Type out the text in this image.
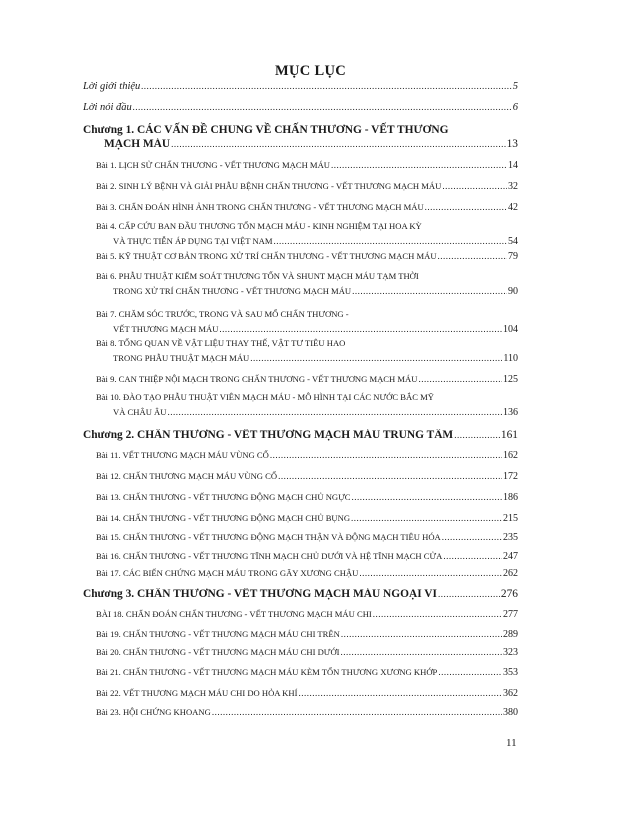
MỤC LỤC
Lời giới thiệu .....	5
Lời nói đầu .....	6
Chương 1. CÁC VẤN ĐỀ CHUNG VỀ CHẤN THƯƠNG - VẾT THƯƠNG
MẠCH MÁU .....	13
Bài 1. LỊCH SỬ CHẤN THƯƠNG - VẾT THƯƠNG MẠCH MÁU .....	14
Bài 2. SINH LÝ BỆNH VÀ GIẢI PHẪU BỆNH CHẤN THƯƠNG - VẾT THƯƠNG MẠCH MÁU .....	32
Bài 3. CHẨN ĐOÁN HÌNH ẢNH TRONG CHẤN THƯƠNG - VẾT THƯƠNG MẠCH MÁU .....	42
Bài 4. CẤP CỨU BAN ĐẦU THƯƠNG TỔN MẠCH MÁU - KINH NGHIỆM TẠI HOA KỲ
VÀ THỰC TIỄN ÁP DỤNG TẠI VIỆT NAM .....	54
Bài 5. KỸ THUẬT CƠ BẢN TRONG XỬ TRÍ CHẤN THƯƠNG - VẾT THƯƠNG MẠCH MÁU .....	79
Bài 6. PHẪU THUẬT KIỂM SOÁT THƯƠNG TỔN VÀ SHUNT MẠCH MÁU TẠM THỜI
TRONG XỬ TRÍ CHẤN THƯƠNG - VẾT THƯƠNG MẠCH MÁU .....	90
Bài 7. CHĂM SÓC TRƯỚC, TRONG VÀ SAU MỔ CHẤN THƯƠNG -
VẾT THƯƠNG MẠCH MÁU .....	104
Bài 8. TỔNG QUAN VỀ VẬT LIỆU THAY THẾ, VẬT TƯ TIÊU HAO
TRONG PHẪU THUẬT MẠCH MÁU .....	110
Bài 9. CAN THIỆP NỘI MẠCH TRONG CHẤN THƯƠNG - VẾT THƯƠNG MẠCH MÁU .....	125
Bài 10. ĐÀO TẠO PHẪU THUẬT VIÊN MẠCH MÁU - MÔ HÌNH TẠI CÁC NƯỚC BẮC MỸ
VÀ CHÂU ÂU .....	136
Chương 2. CHẤN THƯƠNG - VẾT THƯƠNG MẠCH MÁU TRUNG TÂM .....	161
Bài 11. VẾT THƯƠNG MẠCH MÁU VÙNG CỔ .....	162
Bài 12. CHẤN THƯƠNG MẠCH MÁU VÙNG CỔ .....	172
Bài 13. CHẤN THƯƠNG - VẾT THƯƠNG ĐỘNG MẠCH CHỦ NGỰC .....	186
Bài 14. CHẤN THƯƠNG - VẾT THƯƠNG ĐỘNG MẠCH CHỦ BỤNG .....	215
Bài 15. CHẤN THƯƠNG - VẾT THƯƠNG ĐỘNG MẠCH THẬN VÀ ĐỘNG MẠCH TIÊU HÓA .....	235
Bài 16. CHẤN THƯƠNG - VẾT THƯƠNG TĨNH MẠCH CHỦ DƯỚI VÀ HỆ TĨNH MẠCH CỬA .....	247
Bài 17. CÁC BIẾN CHỨNG MẠCH MÁU TRONG GÃY XƯƠNG CHẬU .....	262
Chương 3. CHẤN THƯƠNG - VẾT THƯƠNG MẠCH MÁU NGOẠI VI .....	276
BÀI 18. CHẨN ĐOÁN CHẤN THƯƠNG - VẾT THƯƠNG MẠCH MÁU CHI .....	277
Bài 19. CHẤN THƯƠNG - VẾT THƯƠNG MẠCH MÁU CHI TRÊN .....	289
Bài 20. CHẤN THƯƠNG - VẾT THƯƠNG MẠCH MÁU CHI DƯỚI .....	323
Bài 21. CHẤN THƯƠNG - VẾT THƯƠNG MẠCH MÁU KÈM TỔN THƯƠNG XƯƠNG KHỚP .....	353
Bài 22. VẾT THƯƠNG MẠCH MÁU CHI DO HỎA KHÍ .....	362
Bài 23. HỘI CHỨNG KHOANG .....	380
11
